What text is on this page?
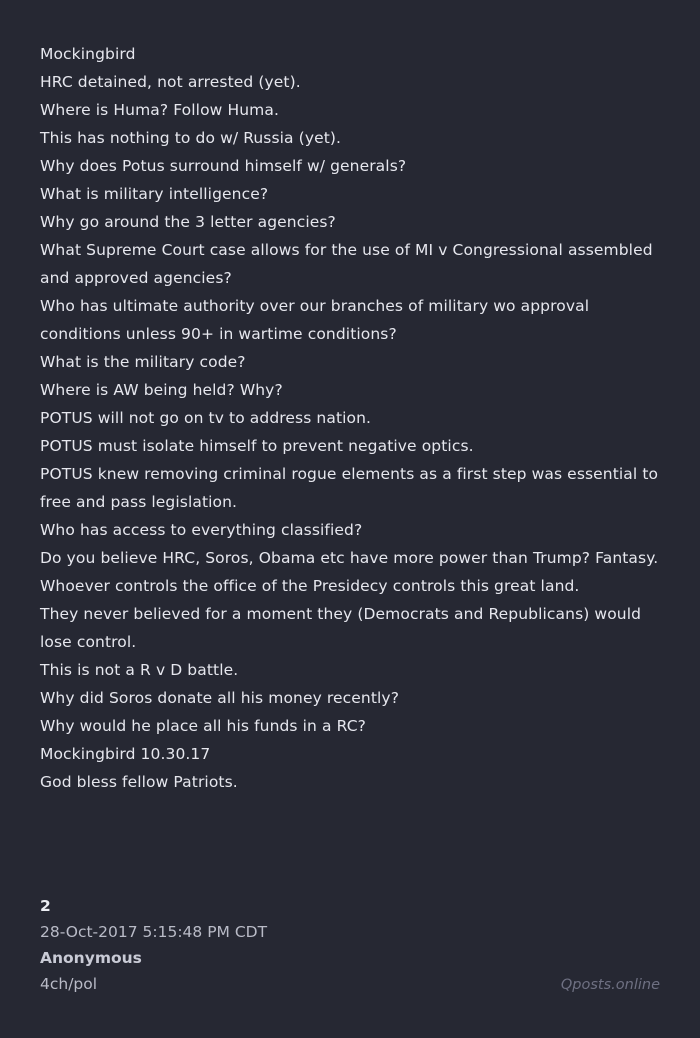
Mockingbird

HRC detained, not arrested (yet).

Where is Huma? Follow Huma.

This has nothing to do w/ Russia (yet).

Why does Potus surround himself w/ generals?

What is military intelligence?

Why go around the 3 letter agencies?

What Supreme Court case allows for the use of MI v Congressional assembled and approved agencies?

Who has ultimate authority over our branches of military wo approval conditions unless 90+ in wartime conditions?

What is the military code?

Where is AW being held? Why?

POTUS will not go on tv to address nation.

POTUS must isolate himself to prevent negative optics.

POTUS knew removing criminal rogue elements as a first step was essential to free and pass legislation.

Who has access to everything classified?

Do you believe HRC, Soros, Obama etc have more power than Trump? Fantasy.

Whoever controls the office of the Presidecy controls this great land.

They never believed for a moment they (Democrats and Republicans) would lose control.

This is not a R v D battle.

Why did Soros donate all his money recently?

Why would he place all his funds in a RC?

Mockingbird 10.30.17

God bless fellow Patriots.

2
28-Oct-2017 5:15:48 PM CDT
Anonymous
4ch/pol	Qposts.online
